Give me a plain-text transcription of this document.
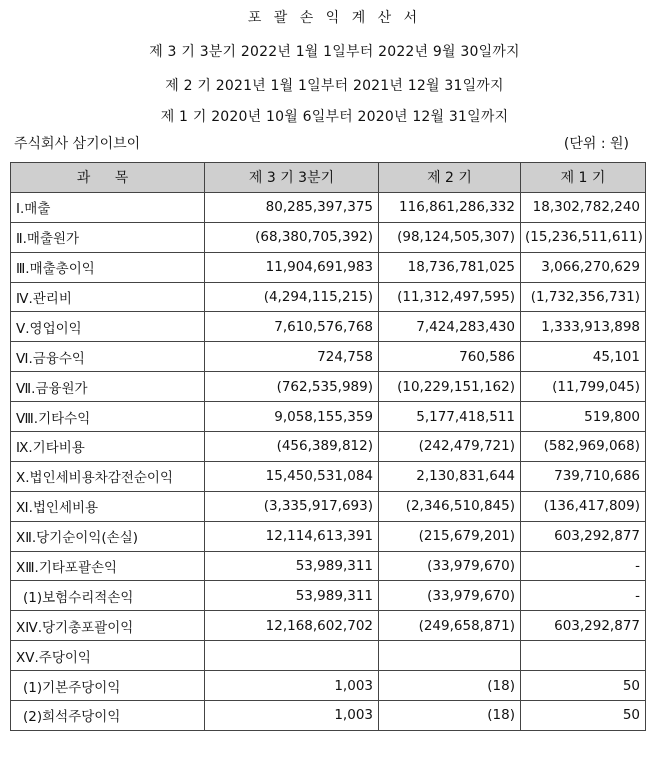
포 괄 손 익 계 산 서
제 3 기 3분기 2022년 1월 1일부터 2022년 9월 30일까지
제 2 기 2021년 1월 1일부터 2021년 12월 31일까지
제 1 기 2020년 10월 6일부터 2020년 12월 31일까지
주식회사 삼기이브이	(단위 : 원)
과 목	제 3 기 3분기	제 2 기	제 1 기
Ⅰ.매출	80,285,397,375	116,861,286,332	18,302,782,240
Ⅱ.매출원가	(68,380,705,392)	(98,124,505,307)	(15,236,511,611)
Ⅲ.매출총이익	11,904,691,983	18,736,781,025	3,066,270,629
Ⅳ.관리비	(4,294,115,215)	(11,312,497,595)	(1,732,356,731)
Ⅴ.영업이익	7,610,576,768	7,424,283,430	1,333,913,898
Ⅵ.금융수익	724,758	760,586	45,101
Ⅶ.금융원가	(762,535,989)	(10,229,151,162)	(11,799,045)
Ⅷ.기타수익	9,058,155,359	5,177,418,511	519,800
Ⅸ.기타비용	(456,389,812)	(242,479,721)	(582,969,068)
Ⅹ.법인세비용차감전순이익	15,450,531,084	2,130,831,644	739,710,686
Ⅺ.법인세비용	(3,335,917,693)	(2,346,510,845)	(136,417,809)
ⅩⅡ.당기순이익(손실)	12,114,613,391	(215,679,201)	603,292,877
ⅩⅢ.기타포괄손익	53,989,311	(33,979,670)	-
(1)보험수리적손익	53,989,311	(33,979,670)	-
ⅩⅣ.당기총포괄이익	12,168,602,702	(249,658,871)	603,292,877
ⅩⅤ.주당이익			
(1)기본주당이익	1,003	(18)	50
(2)희석주당이익	1,003	(18)	50
